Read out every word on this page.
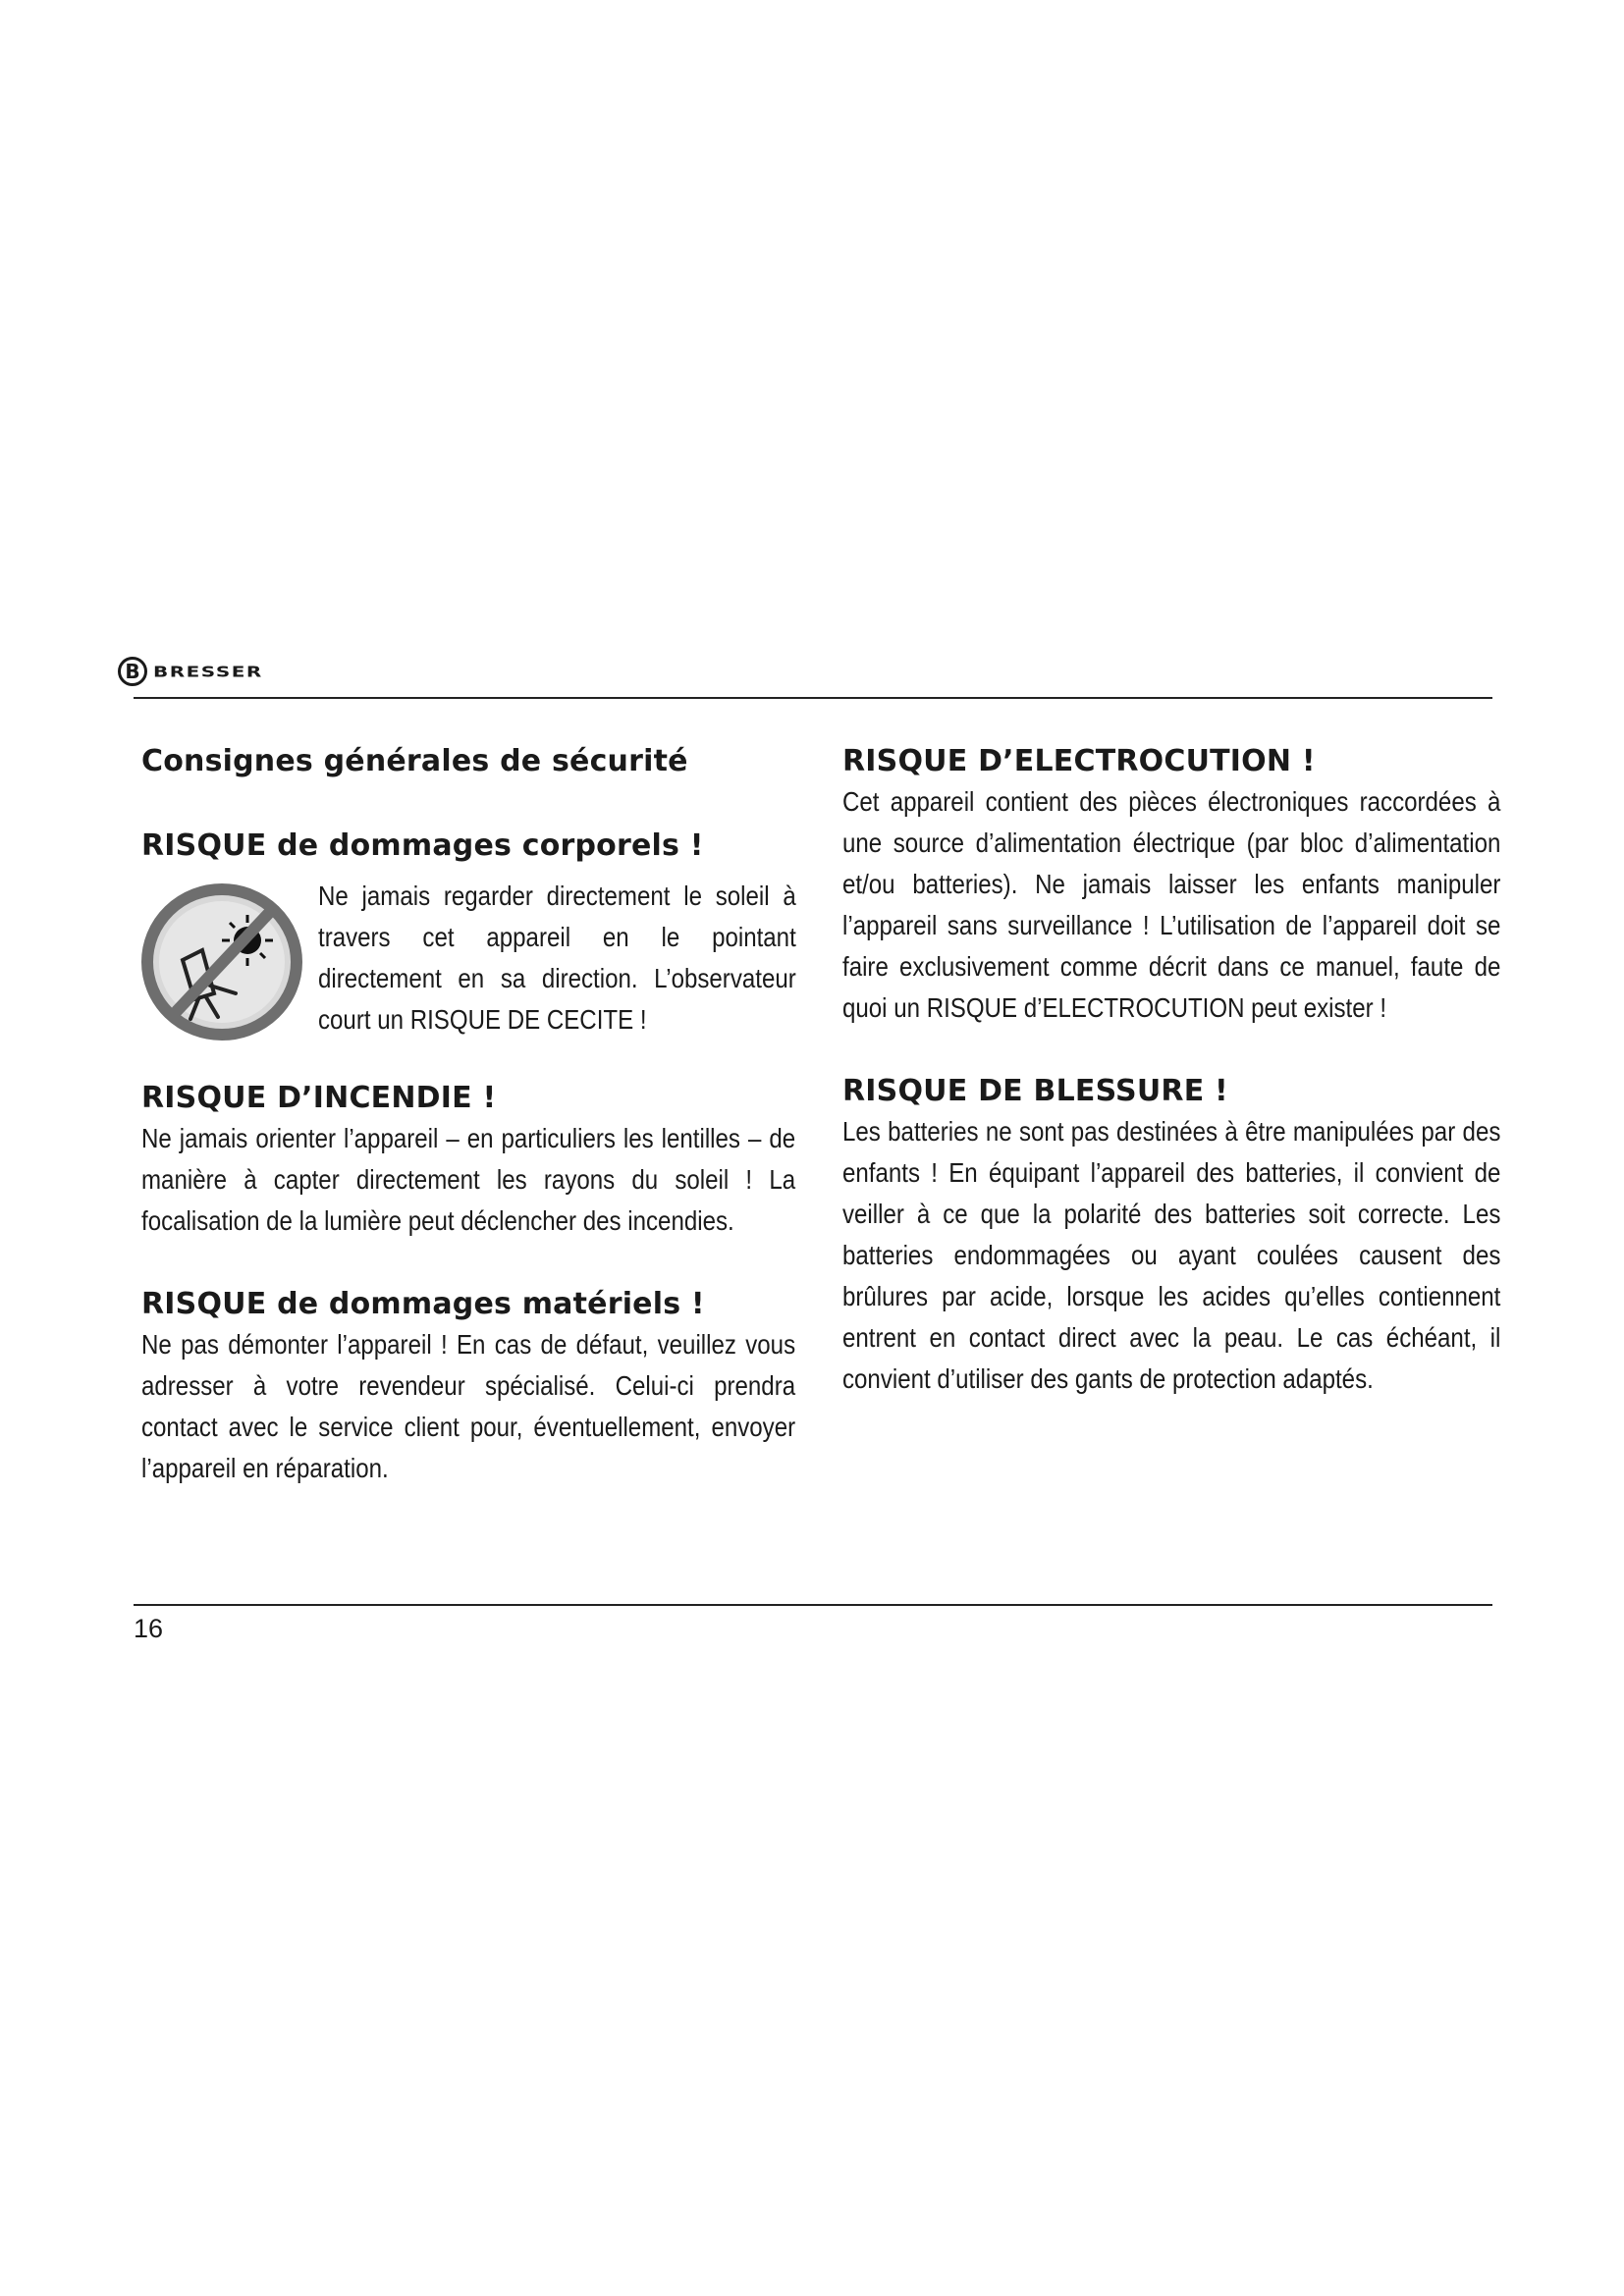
B BRESSER
Consignes générales de sécurité
RISQUE de dommages corporels !

Ne jamais regarder directement le soleil à travers cet appareil en le pointant directement en sa direction. L’observateur court un RISQUE DE CECITE !

RISQUE D’INCENDIE !

Ne jamais orienter l’appareil – en particuliers les lentilles – de manière à capter directement les rayons du soleil ! La focalisation de la lumière peut déclencher des incendies.

RISQUE de dommages matériels !

Ne pas démonter l’appareil ! En cas de défaut, veuillez vous adresser à votre revendeur spécialisé. Celui-ci prendra contact avec le service client pour, éventuellement, envoyer l’appareil en réparation.

RISQUE D’ELECTROCUTION !

Cet appareil contient des pièces électroniques raccordées à une source d’alimentation électrique (par bloc d’alimentation et/ou batteries). Ne jamais laisser les enfants manipuler l’appareil sans surveillance ! L’utilisation de l’appareil doit se faire exclusivement comme décrit dans ce manuel, faute de quoi un RISQUE d’ELECTROCUTION peut exister !

RISQUE DE BLESSURE !

Les batteries ne sont pas destinées à être manipulées par des enfants ! En équipant l’appareil des batteries, il convient de veiller à ce que la polarité des batteries soit correcte. Les batteries endommagées ou ayant coulées causent des brûlures par acide, lorsque les acides qu’elles contiennent entrent en contact direct avec la peau. Le cas échéant, il convient d’utiliser des gants de protection adaptés.

16
